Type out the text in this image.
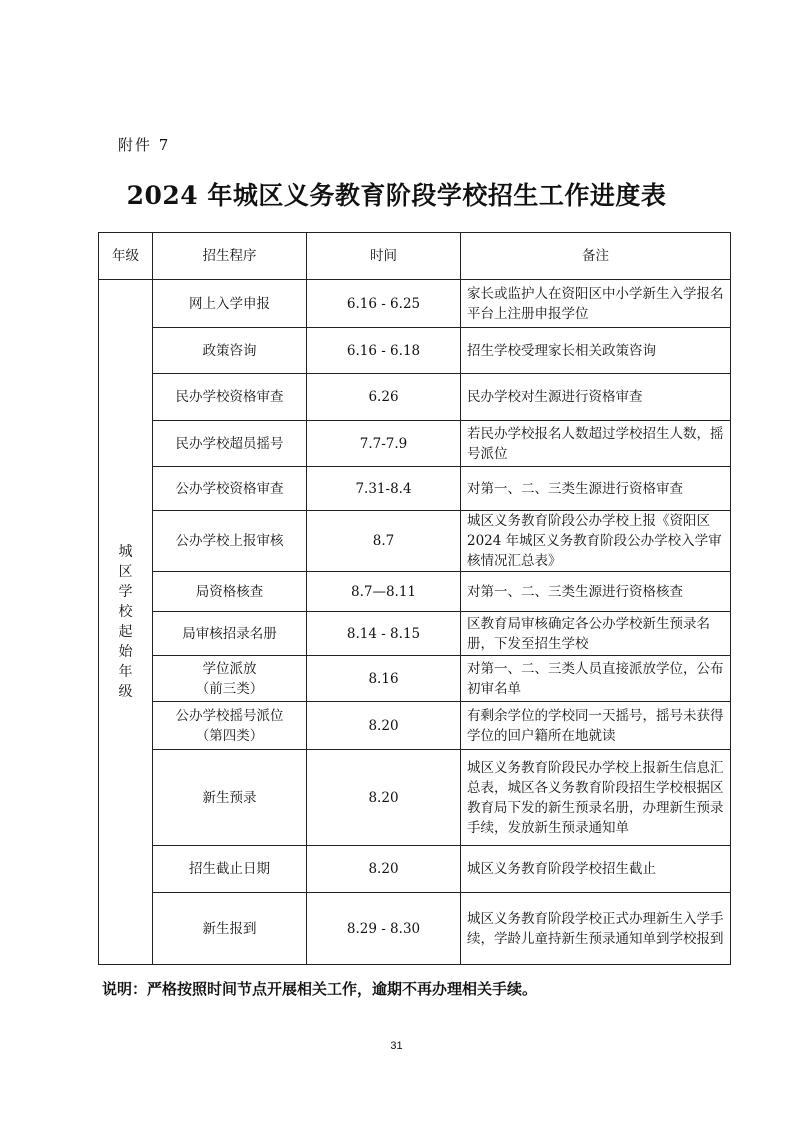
附件 7
2024 年城区义务教育阶段学校招生工作进度表
年级	招生程序	时间	备注
城区学校起始年级	网上入学申报	6.16 - 6.25	家长或监护人在资阳区中小学新生入学报名平台上注册申报学位
	政策咨询	6.16 - 6.18	招生学校受理家长相关政策咨询
	民办学校资格审查	6.26	民办学校对生源进行资格审查
	民办学校超员摇号	7.7-7.9	若民办学校报名人数超过学校招生人数，摇号派位
	公办学校资格审查	7.31-8.4	对第一、二、三类生源进行资格审查
	公办学校上报审核	8.7	城区义务教育阶段公办学校上报《资阳区 2024 年城区义务教育阶段公办学校入学审核情况汇总表》
	局资格核查	8.7—8.11	对第一、二、三类生源进行资格核查
	局审核招录名册	8.14 - 8.15	区教育局审核确定各公办学校新生预录名册，下发至招生学校

	学位派放
（前三类）	8.16	对第一、二、三类人员直接派放学位，公布初审名单

	公办学校摇号派位
（第四类）	8.20	有剩余学位的学校同一天摇号，摇号未获得学位的回户籍所在地就读
	新生预录	8.20	城区义务教育阶段民办学校上报新生信息汇总表，城区各义务教育阶段招生学校根据区教育局下发的新生预录名册，办理新生预录手续，发放新生预录通知单
	招生截止日期	8.20	城区义务教育阶段学校招生截止
	新生报到	8.29 - 8.30	城区义务教育阶段学校正式办理新生入学手续，学龄儿童持新生预录通知单到学校报到
说明：严格按照时间节点开展相关工作，逾期不再办理相关手续。
31
